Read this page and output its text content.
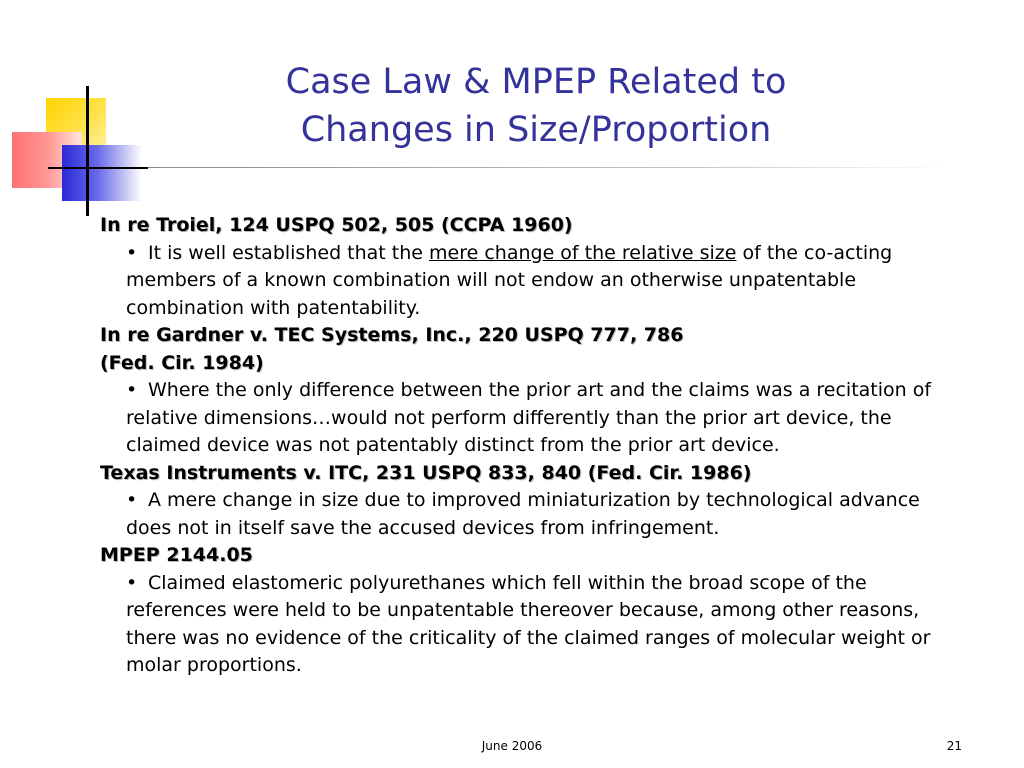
Case Law & MPEP Related to
Changes in Size/Proportion
In re Troiel, 124 USPQ 502, 505 (CCPA 1960)
• It is well established that the mere change of the relative size of the co-acting members of a known combination will not endow an otherwise unpatentable combination with patentability.
In re Gardner v. TEC Systems, Inc., 220 USPQ 777, 786
(Fed. Cir. 1984)
• Where the only difference between the prior art and the claims was a recitation of relative dimensions…would not perform differently than the prior art device, the claimed device was not patentably distinct from the prior art device.
Texas Instruments v. ITC, 231 USPQ 833, 840 (Fed. Cir. 1986)
• A mere change in size due to improved miniaturization by technological advance does not in itself save the accused devices from infringement.
MPEP 2144.05
• Claimed elastomeric polyurethanes which fell within the broad scope of the references were held to be unpatentable thereover because, among other reasons, there was no evidence of the criticality of the claimed ranges of molecular weight or molar proportions.
June 2006	21
